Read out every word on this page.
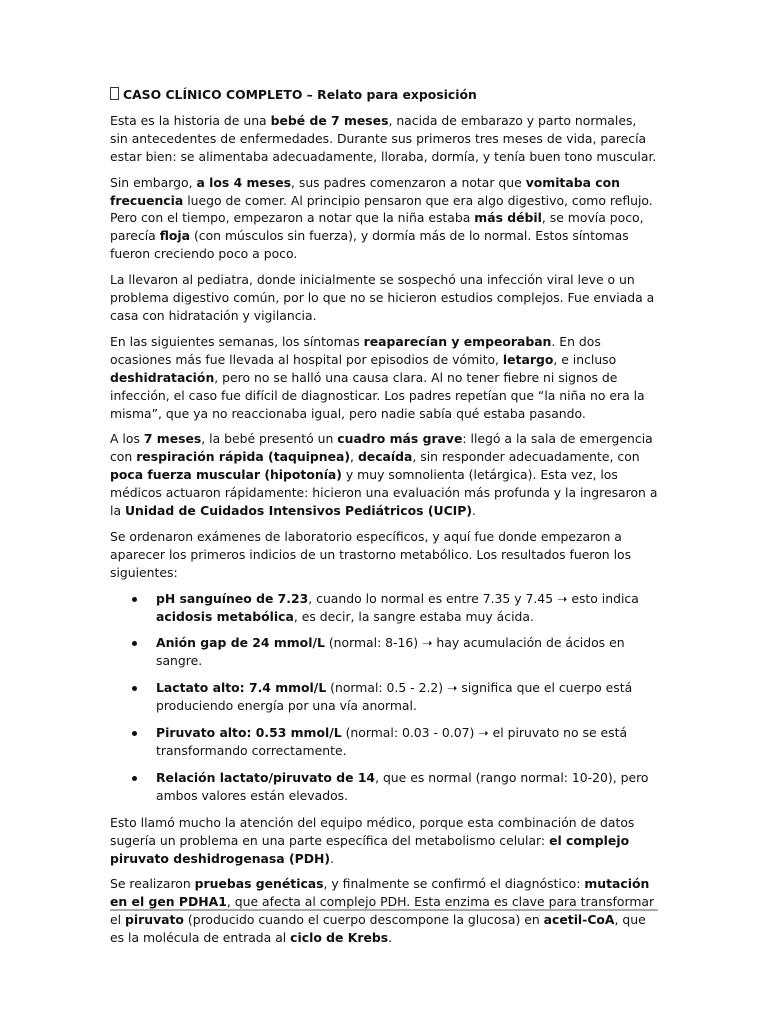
CASO CLÍNICO COMPLETO – Relato para exposición

Esta es la historia de una bebé de 7 meses, nacida de embarazo y parto normales, sin antecedentes de enfermedades. Durante sus primeros tres meses de vida, parecía estar bien: se alimentaba adecuadamente, lloraba, dormía, y tenía buen tono muscular.

Sin embargo, a los 4 meses, sus padres comenzaron a notar que vomitaba con frecuencia luego de comer. Al principio pensaron que era algo digestivo, como reflujo. Pero con el tiempo, empezaron a notar que la niña estaba más débil, se movía poco, parecía floja (con músculos sin fuerza), y dormía más de lo normal. Estos síntomas fueron creciendo poco a poco.

La llevaron al pediatra, donde inicialmente se sospechó una infección viral leve o un problema digestivo común, por lo que no se hicieron estudios complejos. Fue enviada a casa con hidratación y vigilancia.

En las siguientes semanas, los síntomas reaparecían y empeoraban. En dos ocasiones más fue llevada al hospital por episodios de vómito, letargo, e incluso deshidratación, pero no se halló una causa clara. Al no tener fiebre ni signos de infección, el caso fue difícil de diagnosticar. Los padres repetían que “la niña no era la misma”, que ya no reaccionaba igual, pero nadie sabía qué estaba pasando.

A los 7 meses, la bebé presentó un cuadro más grave: llegó a la sala de emergencia con respiración rápida (taquipnea), decaída, sin responder adecuadamente, con poca fuerza muscular (hipotonía) y muy somnolienta (letárgica). Esta vez, los médicos actuaron rápidamente: hicieron una evaluación más profunda y la ingresaron a la Unidad de Cuidados Intensivos Pediátricos (UCIP).

Se ordenaron exámenes de laboratorio específicos, y aquí fue donde empezaron a aparecer los primeros indicios de un trastorno metabólico. Los resultados fueron los siguientes:

pH sanguíneo de 7.23, cuando lo normal es entre 7.35 y 7.45 ➝ esto indica acidosis metabólica, es decir, la sangre estaba muy ácida.
Anión gap de 24 mmol/L (normal: 8-16) ➝ hay acumulación de ácidos en sangre.
Lactato alto: 7.4 mmol/L (normal: 0.5 - 2.2) ➝ significa que el cuerpo está produciendo energía por una vía anormal.
Piruvato alto: 0.53 mmol/L (normal: 0.03 - 0.07) ➝ el piruvato no se está transformando correctamente.
Relación lactato/piruvato de 14, que es normal (rango normal: 10-20), pero ambos valores están elevados.

Esto llamó mucho la atención del equipo médico, porque esta combinación de datos sugería un problema en una parte específica del metabolismo celular: el complejo piruvato deshidrogenasa (PDH).

Se realizaron pruebas genéticas, y finalmente se confirmó el diagnóstico: mutación en el gen PDHA1, que afecta al complejo PDH. Esta enzima es clave para transformar el piruvato (producido cuando el cuerpo descompone la glucosa) en acetil-CoA, que es la molécula de entrada al ciclo de Krebs.
